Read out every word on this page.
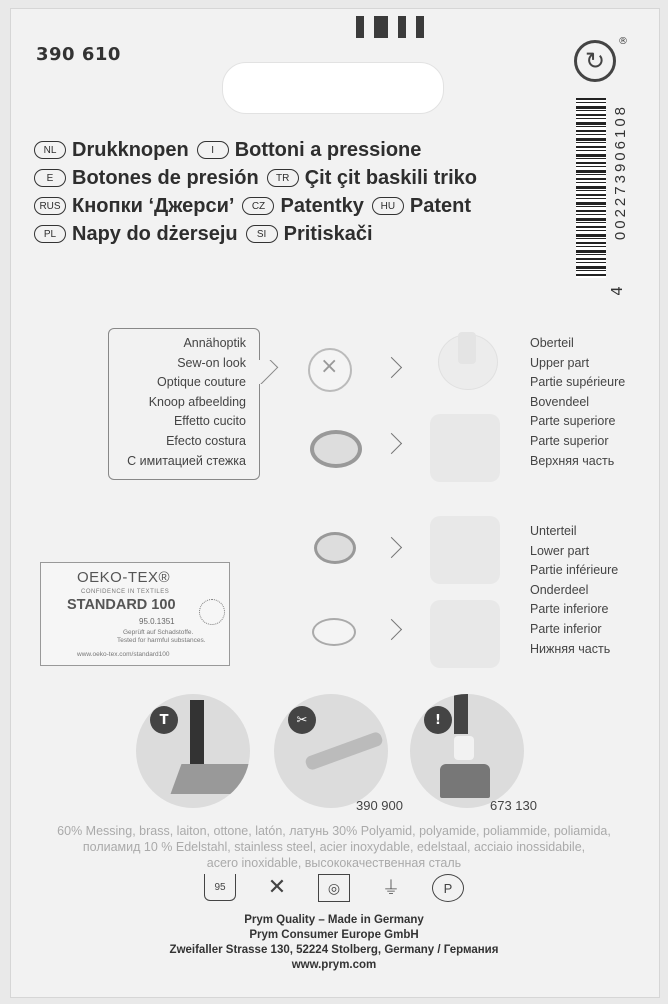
390 610	↻
®
002273906108
4
NL Drukknopen	I	Bottoni a pressione
E Botones de presión	TR Çit çit baskili triko
RUS Кнопки ‘Джерси’	CZ Patentky	HU Patent
PL Napy do dżerseju	SI Pritiskači
Annähoptik
Sew-on look
Optique couture
Knoop afbeelding
Effetto cucito
Efecto costura
С имитацией стежка
×
Oberteil
Upper part
Partie supérieure
Bovendeel
Parte superiore
Parte superior
Верхняя часть
Unterteil
Lower part
Partie inférieure
Onderdeel
Parte inferiore
Parte inferior
Нижняя часть
OEKO-TEX®
CONFIDENCE IN TEXTILES
STANDARD 100
95.0.1351
Geprüft auf Schadstoffe.
Tested for harmful substances.
www.oeko-tex.com/standard100
T	✂
390 900
!
673 130
60% Messing, brass, laiton, ottone, latón, латунь 30% Polyamid, polyamide, poliammide, poliamida,
полиамид 10 % Edelstahl, stainless steel, acier inoxydable, edelstaal, acciaio inossidabile,
acero inoxidable, высококачественная сталь
95	✕	◎	⏚	P
Prym Quality – Made in Germany
Prym Consumer Europe GmbH
Zweifaller Strasse 130, 52224 Stolberg, Germany / Германия
www.prym.com
